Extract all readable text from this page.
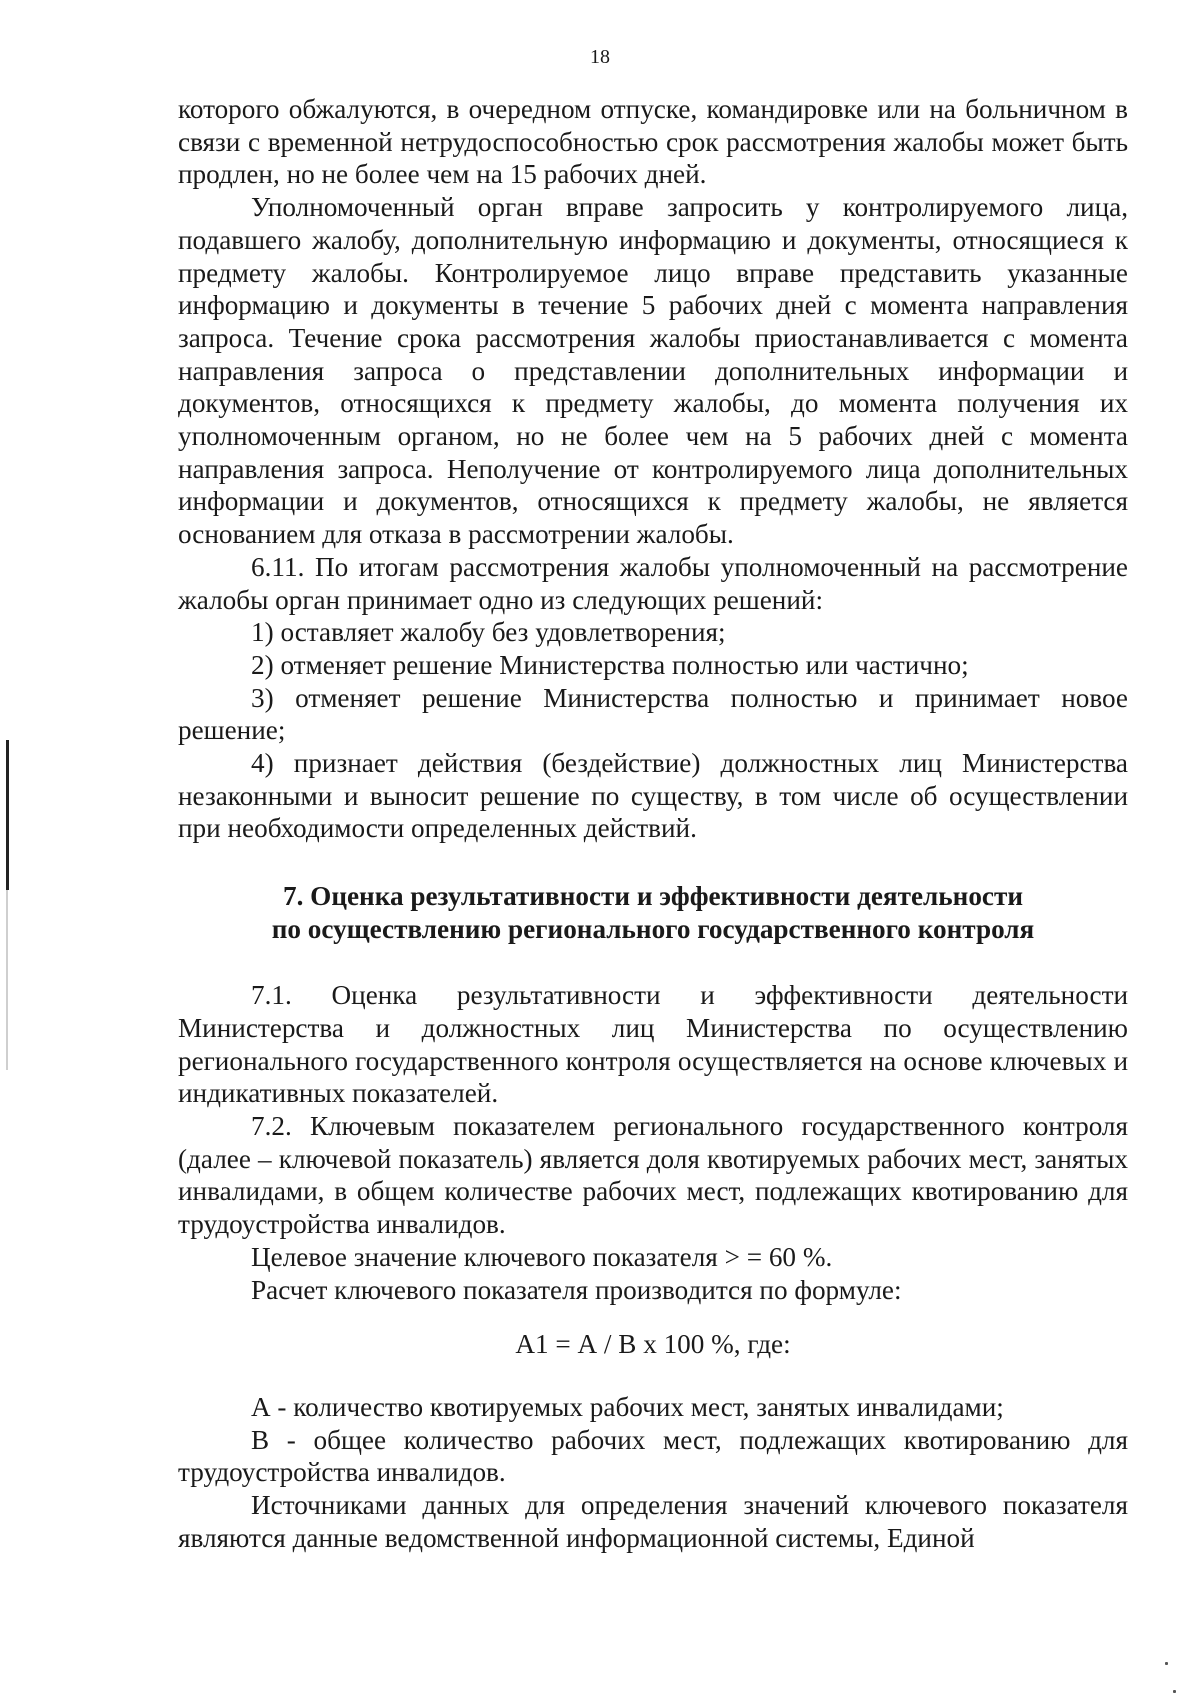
18

которого обжалуются, в очередном отпуске, командировке или на больничном в связи с временной нетрудоспособностью срок рассмотрения жалобы может быть продлен, но не более чем на 15 рабочих дней.

Уполномоченный орган вправе запросить у контролируемого лица, подавшего жалобу, дополнительную информацию и документы, относящиеся к предмету жалобы. Контролируемое лицо вправе представить указанные информацию и документы в течение 5 рабочих дней с момента направления запроса. Течение срока рассмотрения жалобы приостанавливается с момента направления запроса о представлении дополнительных информации и документов, относящихся к предмету жалобы, до момента получения их уполномоченным органом, но не более чем на 5 рабочих дней с момента направления запроса. Неполучение от контролируемого лица дополнительных информации и документов, относящихся к предмету жалобы, не является основанием для отказа в рассмотрении жалобы.

6.11. По итогам рассмотрения жалобы уполномоченный на рассмотрение жалобы орган принимает одно из следующих решений:

1) оставляет жалобу без удовлетворения;

2) отменяет решение Министерства полностью или частично;

3) отменяет решение Министерства полностью и принимает новое решение;

4) признает действия (бездействие) должностных лиц Министерства незаконными и выносит решение по существу, в том числе об осуществлении при необходимости определенных действий.

7. Оценка результативности и эффективности деятельности
по осуществлению регионального государственного контроля

7.1. Оценка результативности и эффективности деятельности Министерства и должностных лиц Министерства по осуществлению регионального государственного контроля осуществляется на основе ключевых и индикативных показателей.

7.2. Ключевым показателем регионального государственного контроля (далее – ключевой показатель) является доля квотируемых рабочих мест, занятых инвалидами, в общем количестве рабочих мест, подлежащих квотированию для трудоустройства инвалидов.

Целевое значение ключевого показателя > = 60 %.

Расчет ключевого показателя производится по формуле:

А1 = А / В х 100 %, где:

А - количество квотируемых рабочих мест, занятых инвалидами;

В - общее количество рабочих мест, подлежащих квотированию для трудоустройства инвалидов.

Источниками данных для определения значений ключевого показателя являются данные ведомственной информационной системы, Единой
